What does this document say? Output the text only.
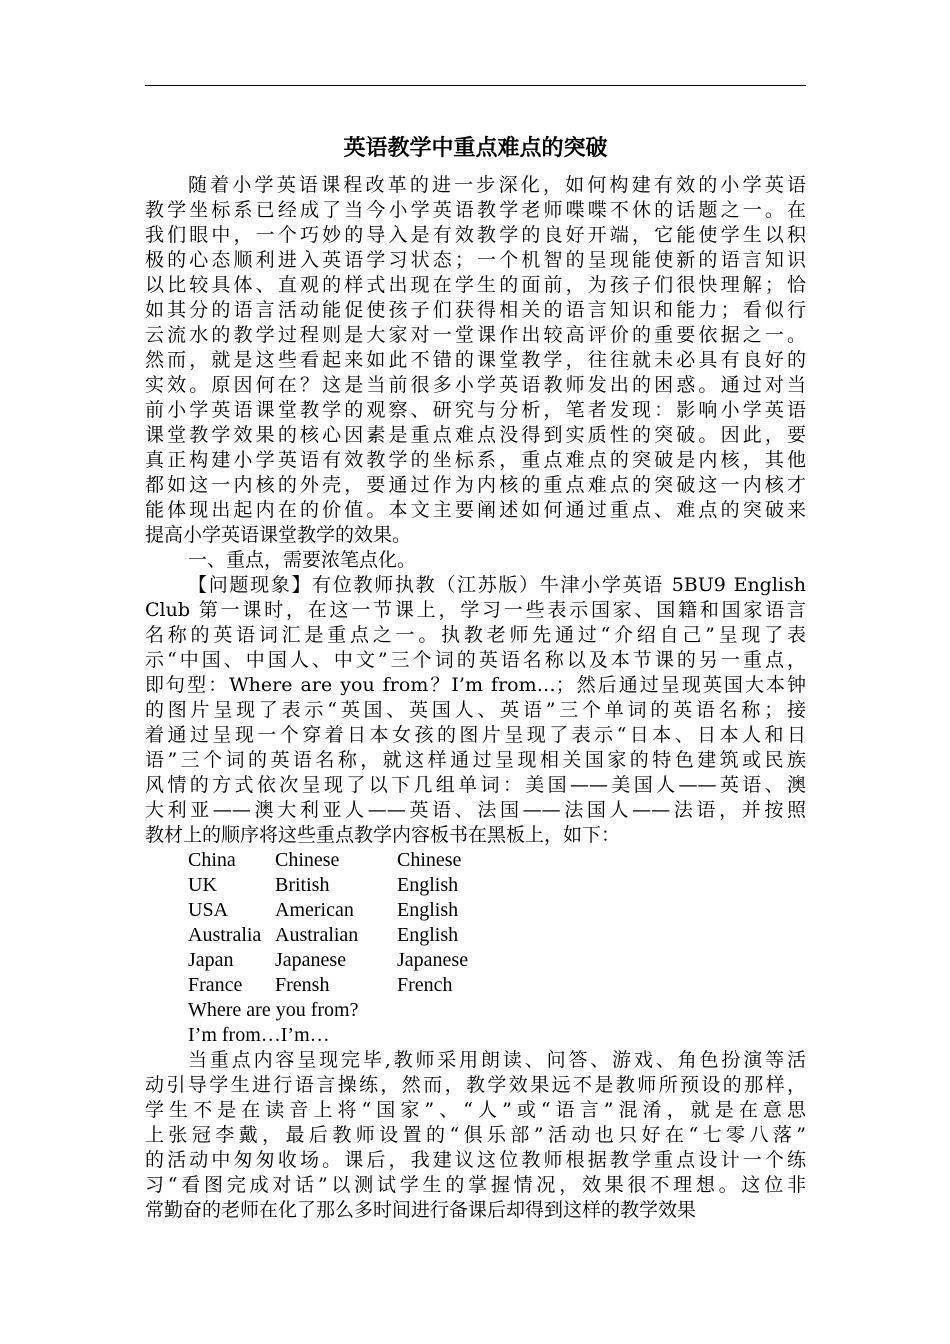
英语教学中重点难点的突破
随着小学英语课程改革的进一步深化，如何构建有效的小学英语
教学坐标系已经成了当今小学英语教学老师喋喋不休的话题之一。在
我们眼中，一个巧妙的导入是有效教学的良好开端，它能使学生以积
极的心态顺利进入英语学习状态；一个机智的呈现能使新的语言知识
以比较具体、直观的样式出现在学生的面前，为孩子们很快理解；恰
如其分的语言活动能促使孩子们获得相关的语言知识和能力；看似行
云流水的教学过程则是大家对一堂课作出较高评价的重要依据之一。
然而，就是这些看起来如此不错的课堂教学，往往就未必具有良好的
实效。原因何在？这是当前很多小学英语教师发出的困惑。通过对当
前小学英语课堂教学的观察、研究与分析，笔者发现：影响小学英语
课堂教学效果的核心因素是重点难点没得到实质性的突破。因此，要
真正构建小学英语有效教学的坐标系，重点难点的突破是内核，其他
都如这一内核的外壳，要通过作为内核的重点难点的突破这一内核才
能体现出起内在的价值。本文主要阐述如何通过重点、难点的突破来
提高小学英语课堂教学的效果。
一、重点，需要浓笔点化。
【问题现象】有位教师执教（江苏版）牛津小学英语 5BU9 English
Club 第一课时，在这一节课上，学习一些表示国家、国籍和国家语言
名称的英语词汇是重点之一。执教老师先通过“介绍自己”呈现了表
示“中国、中国人、中文”三个词的英语名称以及本节课的另一重点，
即句型：Where are you from？I’m from…；然后通过呈现英国大本钟
的图片呈现了表示“英国、英国人、英语”三个单词的英语名称；接
着通过呈现一个穿着日本女孩的图片呈现了表示“日本、日本人和日
语”三个词的英语名称，就这样通过呈现相关国家的特色建筑或民族
风情的方式依次呈现了以下几组单词：美国——美国人——英语、澳
大利亚——澳大利亚人——英语、法国——法国人——法语，并按照
教材上的顺序将这些重点教学内容板书在黑板上，如下：
China Chinese	Chinese
UK	British	English
USA American English
Australia Australian English
Japan Japanese	Japanese
France Frensh	French
Where are you from?
I’m from…I’m…
当重点内容呈现完毕,教师采用朗读、问答、游戏、角色扮演等活
动引导学生进行语言操练，然而，教学效果远不是教师所预设的那样，
学生不是在读音上将“国家”、“人”或“语言”混淆，就是在意思
上张冠李戴，最后教师设置的“俱乐部”活动也只好在“七零八落”
的活动中匆匆收场。课后，我建议这位教师根据教学重点设计一个练
习“看图完成对话”以测试学生的掌握情况，效果很不理想。这位非
常勤奋的老师在化了那么多时间进行备课后却得到这样的教学效果
